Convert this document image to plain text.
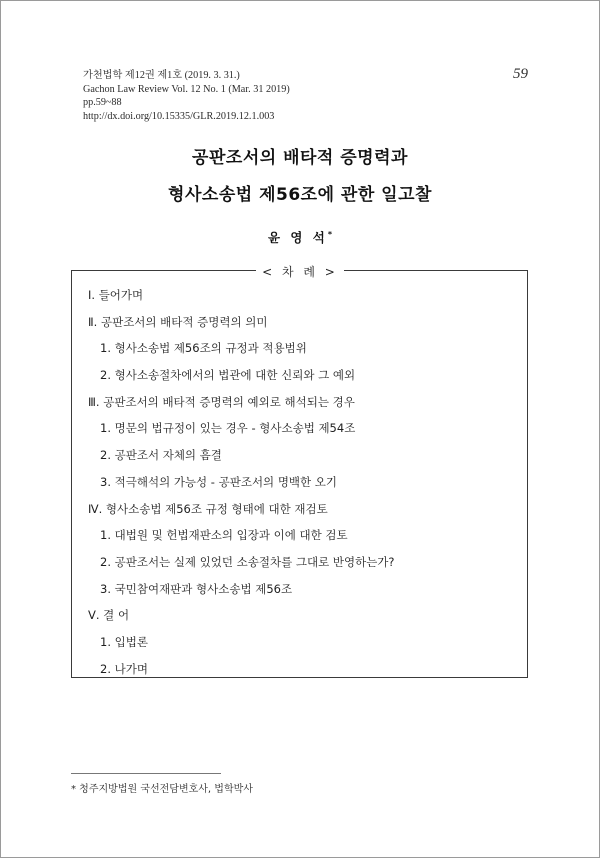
가천법학 제12권 제1호 (2019. 3. 31.)
Gachon Law Review Vol. 12 No. 1 (Mar. 31 2019)
pp.59~88
http://dx.doi.org/10.15335/GLR.2019.12.1.003
59
공판조서의 배타적 증명력과
형사소송법 제56조에 관한 일고찰
윤 영 석*
< 차 례 >
Ⅰ. 들어가며
Ⅱ. 공판조서의 배타적 증명력의 의미
1. 형사소송법 제56조의 규정과 적용범위
2. 형사소송절차에서의 법관에 대한 신뢰와 그 예외
Ⅲ. 공판조서의 배타적 증명력의 예외로 해석되는 경우
1. 명문의 법규정이 있는 경우 - 형사소송법 제54조
2. 공판조서 자체의 흠결
3. 적극해석의 가능성 - 공판조서의 명백한 오기
Ⅳ. 형사소송법 제56조 규정 형태에 대한 재검토
1. 대법원 및 헌법재판소의 입장과 이에 대한 검토
2. 공판조서는 실제 있었던 소송절차를 그대로 반영하는가?
3. 국민참여재판과 형사소송법 제56조
Ⅴ. 결 어
1. 입법론
2. 나가며
* 청주지방법원 국선전담변호사, 법학박사
